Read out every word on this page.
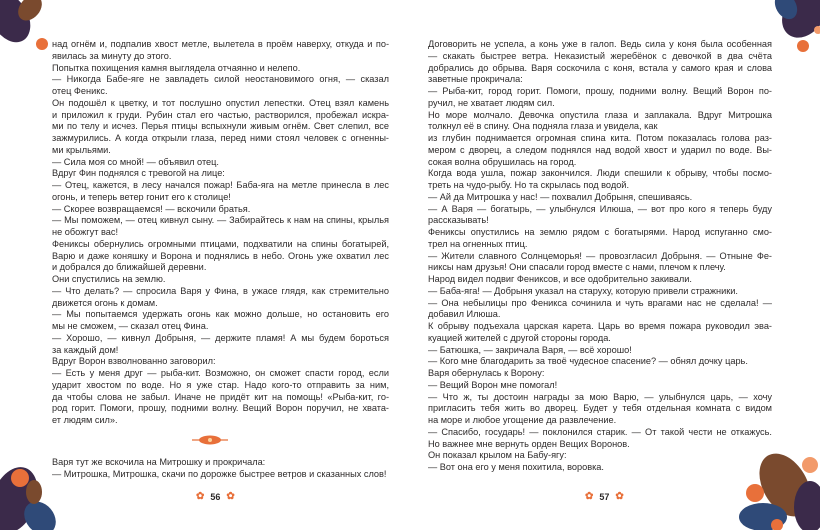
над огнём и, подпалив хвост метле, вылетела в проём наверху, откуда и по-
явилась за минуту до этого.
Попытка похищения камня выглядела отчаянно и нелепо.
— Никогда Бабе-яге не завладеть силой неостановимого огня, — сказал
отец Феникс.
Он подошёл к цветку, и тот послушно опустил лепестки. Отец взял камень
и приложил к груди. Рубин стал его частью, растворился, пробежал искра-
ми по телу и исчез. Перья птицы вспыхнули живым огнём. Свет слепил, все
зажмурились. А когда открыли глаза, перед ними стоял человек с огненны-
ми крыльями.
— Сила моя со мной! — объявил отец.
Вдруг Фин поднялся с тревогой на лице:
— Отец, кажется, в лесу начался пожар! Баба-яга на метле принесла в лес
огонь, и теперь ветер гонит его к столице!
— Скорее возвращаемся! — вскочили братья.
— Мы поможем, — отец кивнул сыну. — Забирайтесь к нам на спины, крылья
не обожгут вас!
Фениксы обернулись огромными птицами, подхватили на спины богатырей,
Варю и даже коняшку и Ворона и поднялись в небо. Огонь уже охватил лес
и добрался до ближайшей деревни.
Они спустились на землю.
— Что делать? — спросила Варя у Фина, в ужасе глядя, как стремительно
движется огонь к домам.
— Мы попытаемся удержать огонь как можно дольше, но остановить его
мы не сможем, — сказал отец Фина.
— Хорошо, — кивнул Добрыня, — держите пламя! А мы будем бороться
за каждый дом!
Вдруг Ворон взволнованно заговорил:
— Есть у меня друг — рыба-кит. Возможно, он сможет спасти город, если
ударит хвостом по воде. Но я уже стар. Надо кого-то отправить за ним,
да чтобы слова не забыл. Иначе не придёт кит на помощь! «Рыба-кит, го-
род горит. Помоги, прошу, подними волну. Вещий Ворон поручил, не хвата-
ет людям сил».
Варя тут же вскочила на Митрошку и прокричала:
— Митрошка, Митрошка, скачи по дорожке быстрее ветров и сказанных слов!
Договорить не успела, а конь уже в галоп. Ведь сила у коня была особенная
— скакать быстрее ветра. Неказистый жеребёнок с девочкой в два счёта
добрались до обрыва. Варя соскочила с коня, встала у самого края и слова
заветные прокричала:
— Рыба-кит, город горит. Помоги, прошу, подними волну. Вещий Ворон по-
ручил, не хватает людям сил.
Но море молчало. Девочка опустила глаза и заплакала. Вдруг Митрошка
толкнул её в спину. Она подняла глаза и увидела, как
из глубин поднимается огромная спина кита. Потом показалась голова раз-
мером с дворец, а следом поднялся над водой хвост и ударил по воде. Вы-
сокая волна обрушилась на город.
Когда вода ушла, пожар закончился. Люди спешили к обрыву, чтобы посмо-
треть на чудо-рыбу. Но та скрылась под водой.
— Ай да Митрошка у нас! — похвалил Добрыня, спешиваясь.
— А Варя — богатырь, — улыбнулся Илюша, — вот про кого я теперь буду
рассказывать!
Фениксы опустились на землю рядом с богатырями. Народ испуганно смо-
трел на огненных птиц.
— Жители славного Солнцеморья! — провозгласил Добрыня. — Отныне Фе-
никсы нам друзья! Они спасали город вместе с нами, плечом к плечу.
Народ видел подвиг Фениксов, и все одобрительно закивали.
— Баба-яга! — Добрыня указал на старуху, которую привели стражники.
— Она небылицы про Феникса сочинила и чуть врагами нас не сделала! —
добавил Илюша.
К обрыву подъехала царская карета. Царь во время пожара руководил эва-
куацией жителей с другой стороны города.
— Батюшка, — закричала Варя, — всё хорошо!
— Кого мне благодарить за твоё чудесное спасение? — обнял дочку царь.
Варя обернулась к Ворону:
— Вещий Ворон мне помогал!
— Что ж, ты достоин награды за мою Варю, — улыбнулся царь, — хочу
пригласить тебя жить во дворец. Будет у тебя отдельная комната с видом
на море и любое угощение да развлечение.
— Спасибо, государь! — поклонился старик. — От такой чести не откажусь.
Но важнее мне вернуть орден Вещих Воронов.
Он показал крылом на Бабу-ягу:
— Вот она его у меня похитила, воровка.
✿ 56 ✿	✿ 57 ✿
